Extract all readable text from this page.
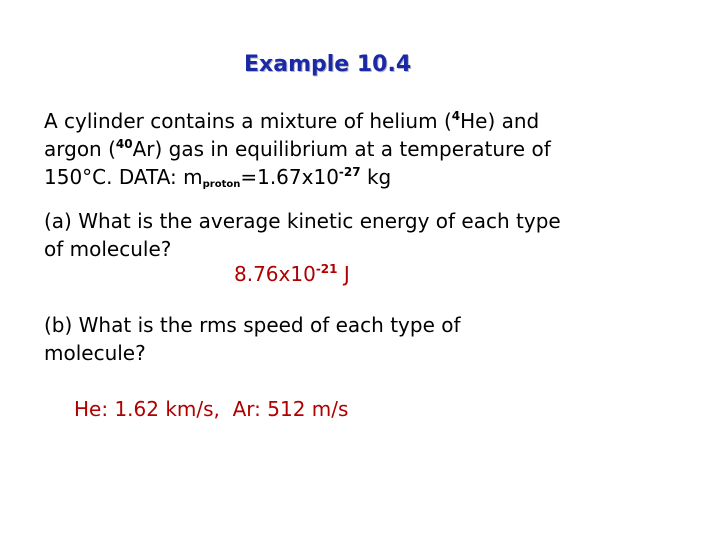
Example 10.4
A cylinder contains a mixture of helium ($^4$He) and
argon ($^{40}$Ar) gas in equilibrium at a temperature of
150°C. DATA: $m_{proton}=1.67x10^{-27}$ kg
(a) What is the average kinetic energy of each type
of molecule?
$8.76x10^{-21}$ J
(b) What is the rms speed of each type of
molecule?
He: 1.62 km/s,  Ar: 512 m/s
